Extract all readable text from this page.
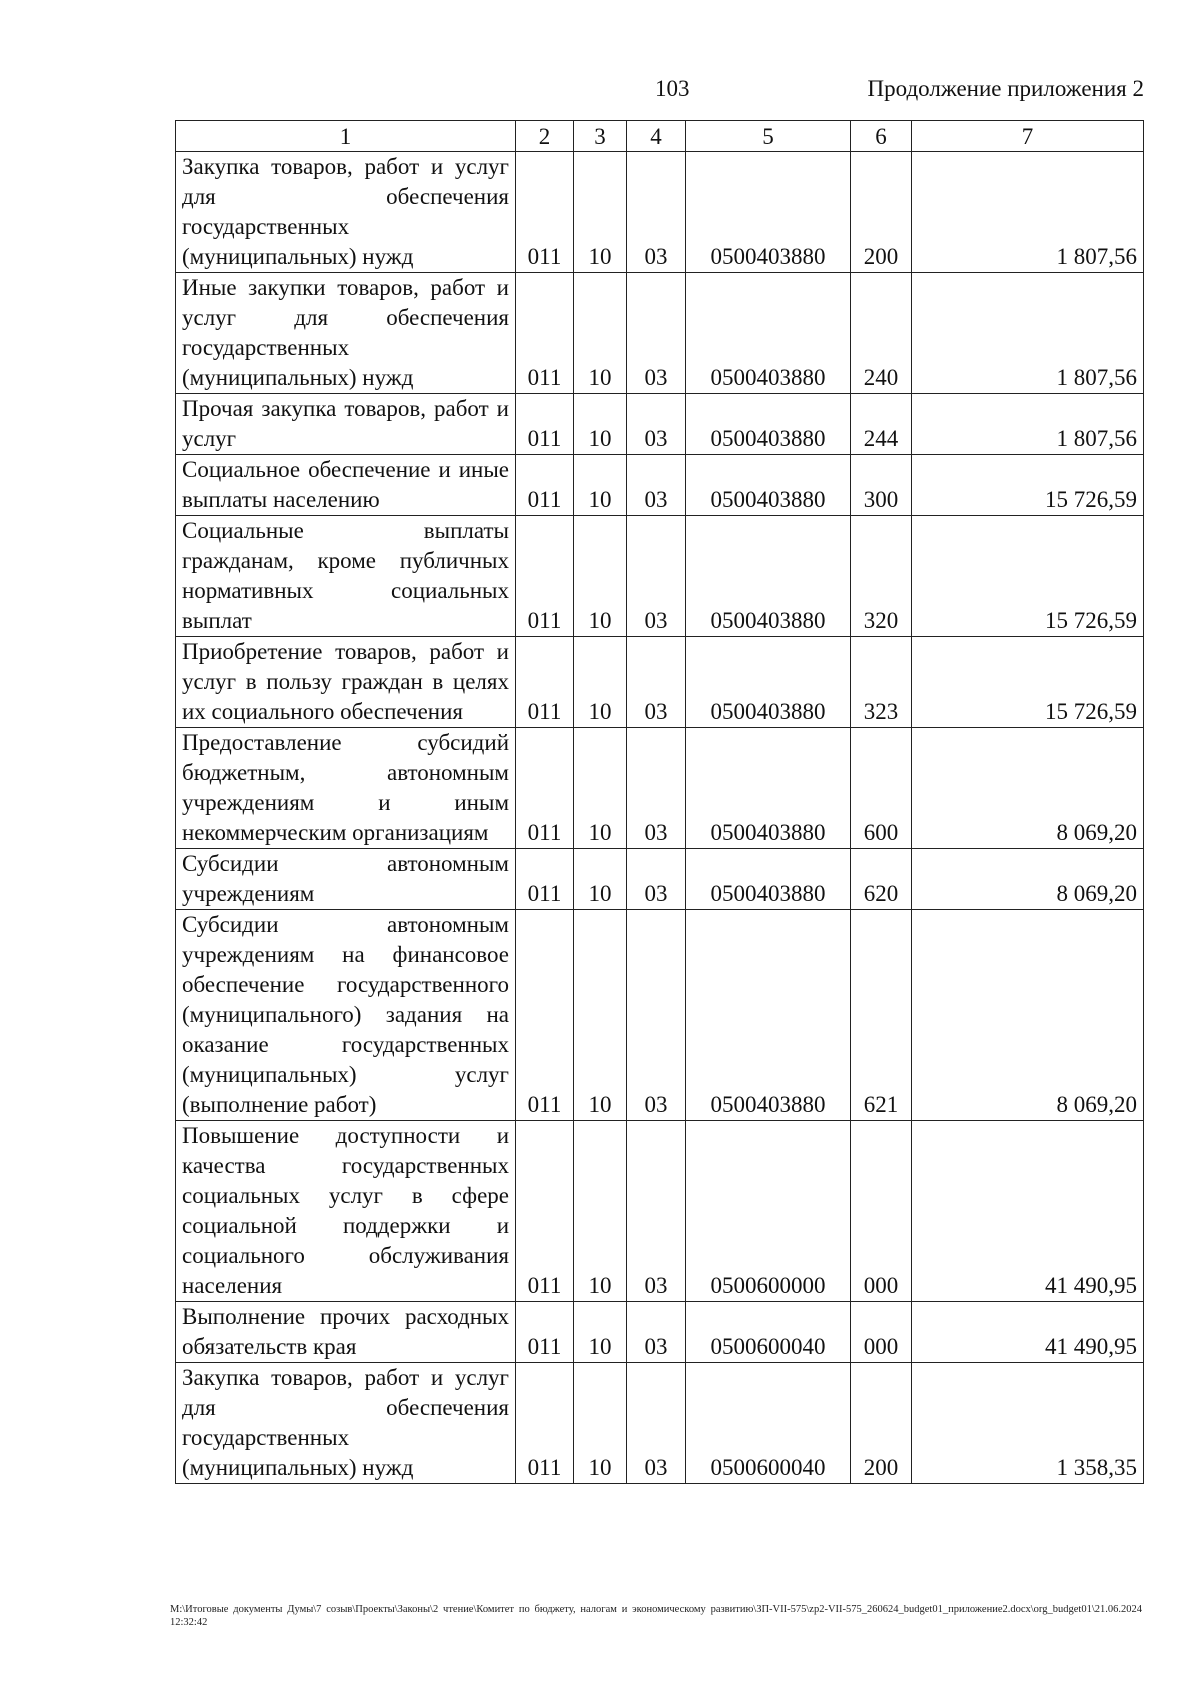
103	Продолжение приложения 2
1	2	3	4	5	6	7
Закупка товаров, работ и услуг для обеспечения государственных (муниципальных) нужд	011	10	03	0500403880	200	1 807,56
Иные закупки товаров, работ и услуг для обеспечения государственных (муниципальных) нужд	011	10	03	0500403880	240	1 807,56
Прочая закупка товаров, работ и услуг	011	10	03	0500403880	244	1 807,56
Социальное обеспечение и иные выплаты населению	011	10	03	0500403880	300	15 726,59
Социальные выплаты гражданам, кроме публичных нормативных социальных выплат	011	10	03	0500403880	320	15 726,59
Приобретение товаров, работ и услуг в пользу граждан в целях их социального обеспечения	011	10	03	0500403880	323	15 726,59
Предоставление субсидий бюджетным, автономным учреждениям и иным некоммерческим организациям	011	10	03	0500403880	600	8 069,20
Субсидии автономным учреждениям	011	10	03	0500403880	620	8 069,20
Субсидии автономным учреждениям на финансовое обеспечение государственного (муниципального) задания на оказание государственных (муниципальных) услуг (выполнение работ)	011	10	03	0500403880	621	8 069,20
Повышение доступности и качества государственных социальных услуг в сфере социальной поддержки и социального обслуживания населения	011	10	03	0500600000	000	41 490,95
Выполнение прочих расходных обязательств края	011	10	03	0500600040	000	41 490,95
Закупка товаров, работ и услуг для обеспечения государственных (муниципальных) нужд	011	10	03	0500600040	200	1 358,35
М:\Итоговые документы Думы\7 созыв\Проекты\Законы\2 чтение\Комитет по бюджету, налогам и экономическому развитию\ЗП-VII-575\zp2-VII-575_260624_budget01_приложение2.docx\org_budget01\21.06.2024 12:32:42
